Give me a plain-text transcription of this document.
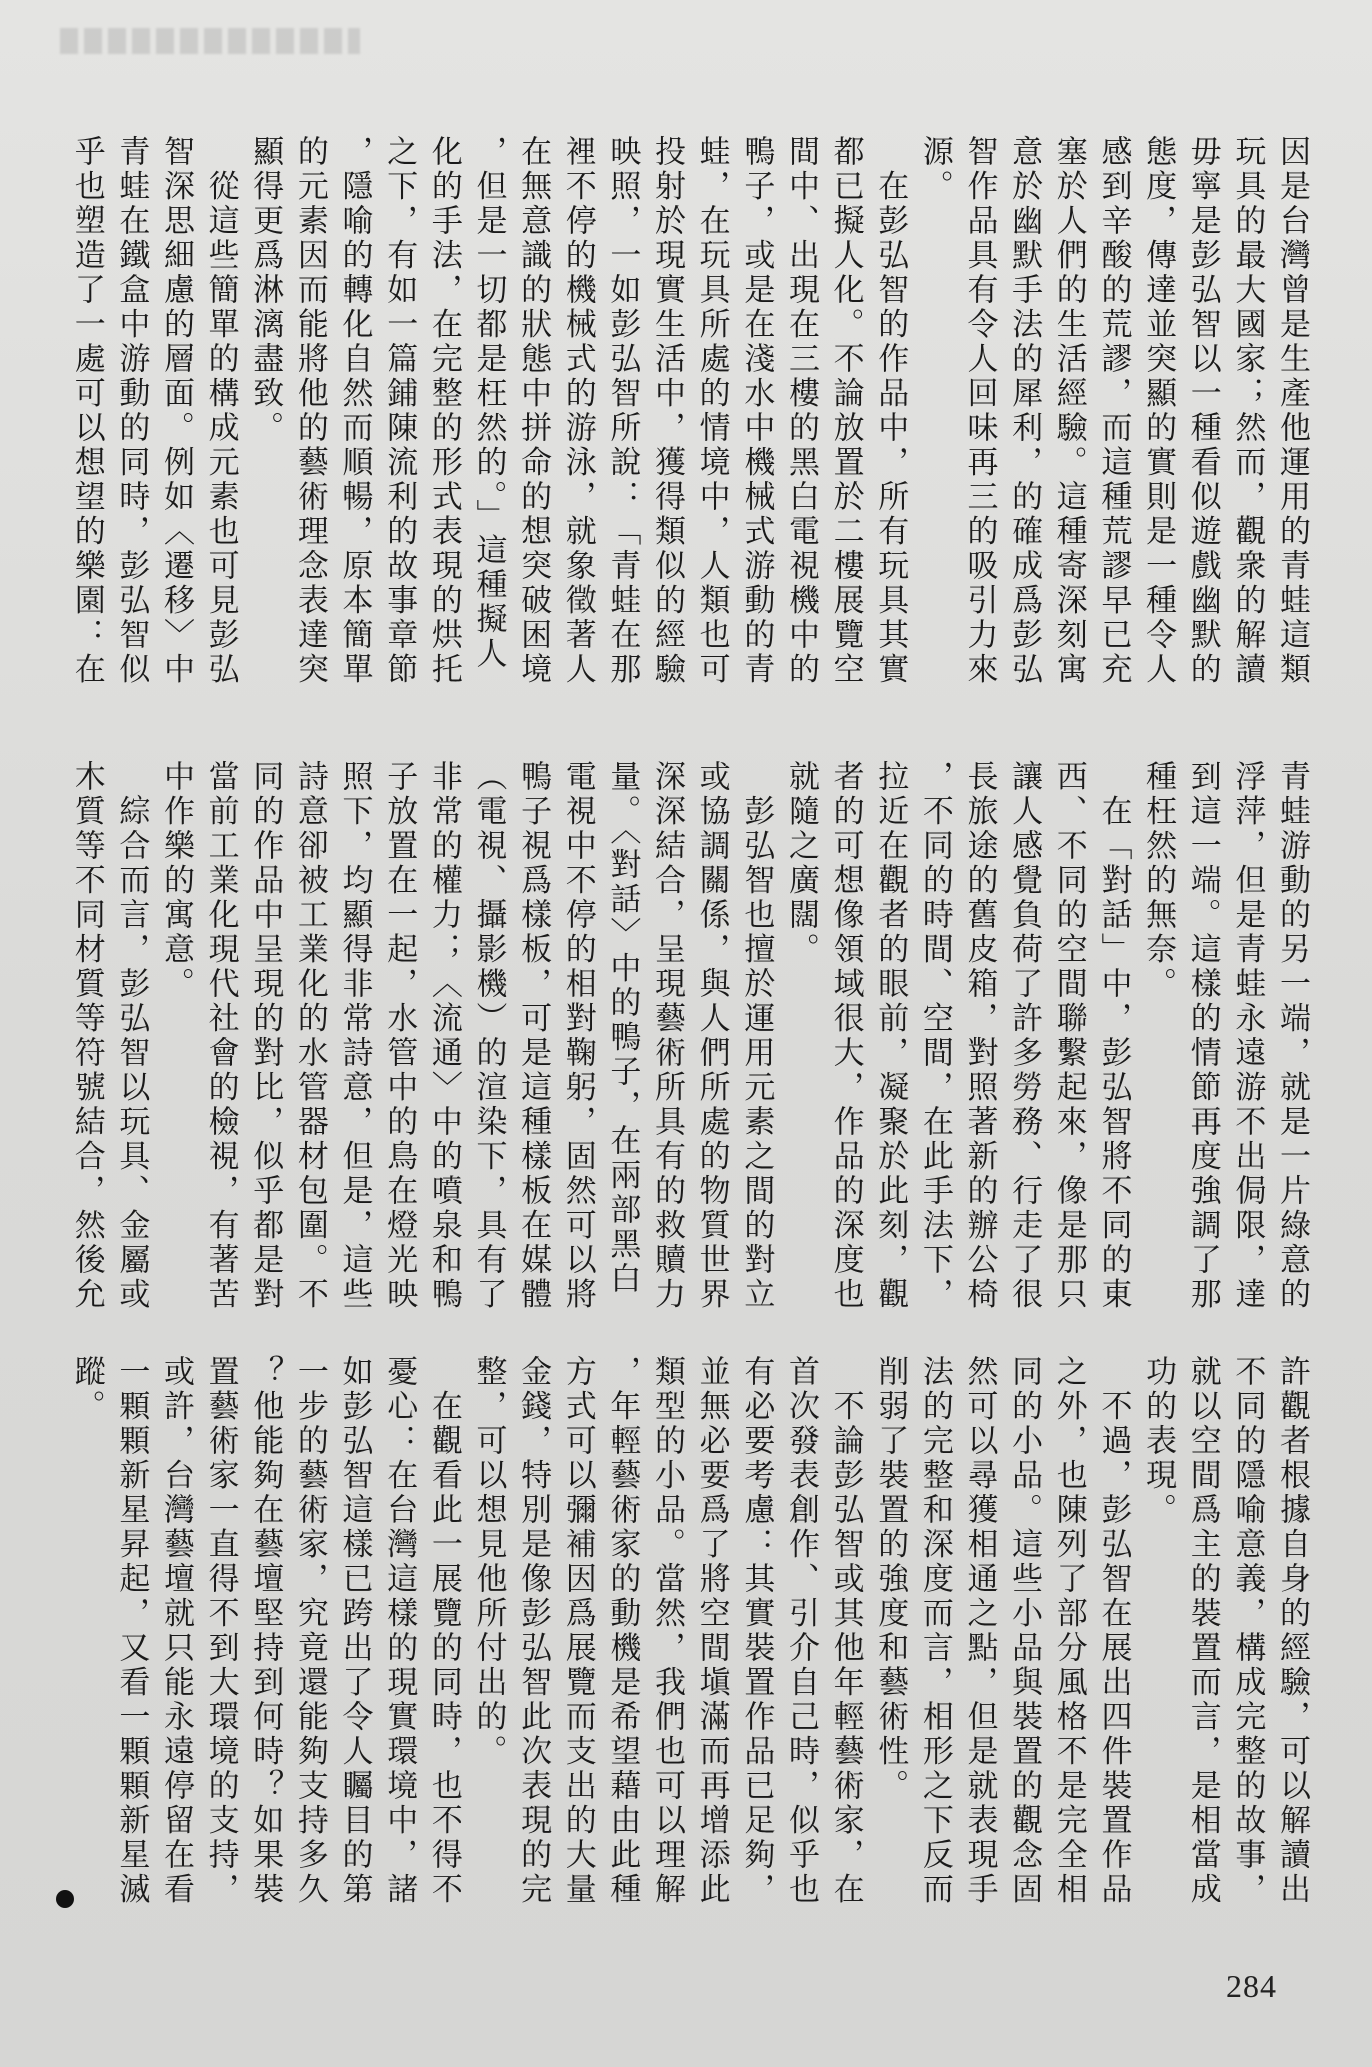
因是台灣曾是生產他運用的青蛙這類

玩具的最大國家；然而，觀衆的解讀

毋寧是彭弘智以一種看似遊戲幽默的

態度，傳達並突顯的實則是一種令人

感到辛酸的荒謬，而這種荒謬早已充

塞於人們的生活經驗。這種寄深刻寓

意於幽默手法的犀利，的確成爲彭弘

智作品具有令人回味再三的吸引力來

源。

　在彭弘智的作品中，所有玩具其實

都已擬人化。不論放置於二樓展覽空

間中、出現在三樓的黑白電視機中的

鴨子，或是在淺水中機械式游動的青

蛙，在玩具所處的情境中，人類也可

投射於現實生活中，獲得類似的經驗

映照，一如彭弘智所說：「青蛙在那

裡不停的機械式的游泳，就象徵著人

在無意識的狀態中拼命的想突破困境

，但是一切都是枉然的。」這種擬人

化的手法，在完整的形式表現的烘托

之下，有如一篇鋪陳流利的故事章節

，隱喻的轉化自然而順暢，原本簡單

的元素因而能將他的藝術理念表達突

顯得更爲淋漓盡致。

　從這些簡單的構成元素也可見彭弘

智深思細慮的層面。例如〈遷移〉中

青蛙在鐵盒中游動的同時，彭弘智似

乎也塑造了一處可以想望的樂園：在

青蛙游動的另一端，就是一片綠意的

浮萍，但是青蛙永遠游不出侷限，達

到這一端。這樣的情節再度強調了那

種枉然的無奈。

　在「對話」中，彭弘智將不同的東

西、不同的空間聯繫起來，像是那只

讓人感覺負荷了許多勞務、行走了很

長旅途的舊皮箱，對照著新的辦公椅

，不同的時間、空間，在此手法下，

拉近在觀者的眼前，凝聚於此刻，觀

者的可想像領域很大，作品的深度也

就隨之廣闊。

　彭弘智也擅於運用元素之間的對立

或協調關係，與人們所處的物質世界

深深結合，呈現藝術所具有的救贖力

量。〈對話〉中的鴨子，在兩部黑白

電視中不停的相對鞠躬，固然可以將

鴨子視爲樣板，可是這種樣板在媒體

（電視、攝影機）的渲染下，具有了

非常的權力；〈流通〉中的噴泉和鴨

子放置在一起，水管中的鳥在燈光映

照下，均顯得非常詩意，但是，這些

詩意卻被工業化的水管器材包圍。不

同的作品中呈現的對比，似乎都是對

當前工業化現代社會的檢視，有著苦

中作樂的寓意。

　綜合而言，彭弘智以玩具、金屬或

木質等不同材質等符號結合，然後允

許觀者根據自身的經驗，可以解讀出

不同的隱喻意義，構成完整的故事，

就以空間爲主的裝置而言，是相當成

功的表現。

　不過，彭弘智在展出四件裝置作品

之外，也陳列了部分風格不是完全相

同的小品。這些小品與裝置的觀念固

然可以尋獲相通之點，但是就表現手

法的完整和深度而言，相形之下反而

削弱了裝置的強度和藝術性。

　不論彭弘智或其他年輕藝術家，在

首次發表創作、引介自己時，似乎也

有必要考慮：其實裝置作品已足夠，

並無必要爲了將空間塡滿而再增添此

類型的小品。當然，我們也可以理解

，年輕藝術家的動機是希望藉由此種

方式可以彌補因爲展覽而支出的大量

金錢，特別是像彭弘智此次表現的完

整，可以想見他所付出的。

　在觀看此一展覽的同時，也不得不

憂心：在台灣這樣的現實環境中，諸

如彭弘智這樣已跨出了令人矚目的第

一步的藝術家，究竟還能夠支持多久

？他能夠在藝壇堅持到何時？如果裝

置藝術家一直得不到大環境的支持，

或許，台灣藝壇就只能永遠停留在看

一顆顆新星昇起，又看一顆顆新星滅

蹤。

284
